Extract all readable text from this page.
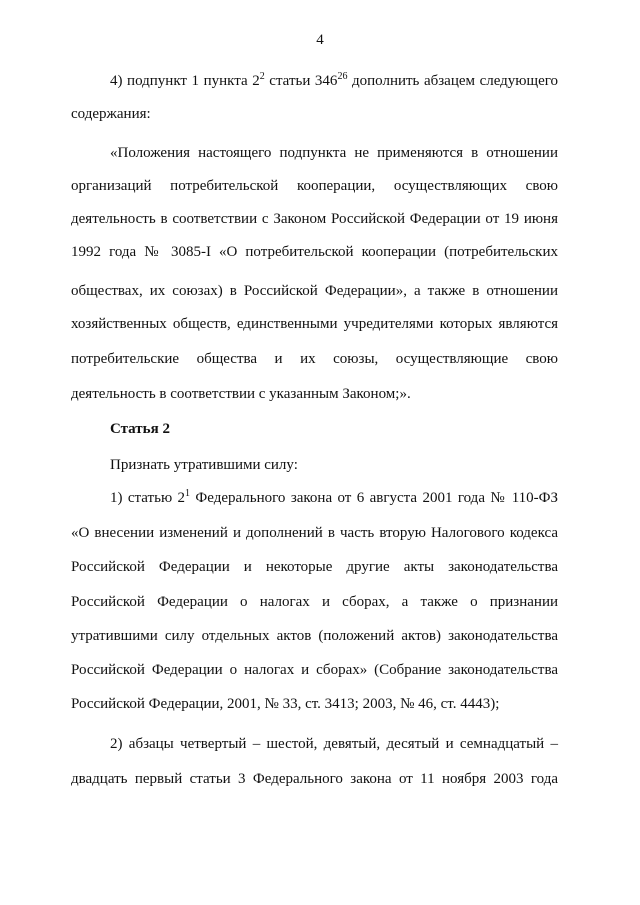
4
4) подпункт 1 пункта $2^2$ статьи $346^{26}$ дополнить абзацем следующего
содержания:
«Положения настоящего подпункта не применяются в отношении
организаций потребительской кооперации, осуществляющих свою
деятельность в соответствии с Законом Российской Федерации от 19 июня
1992 года № 3085-I «О потребительской кооперации (потребительских
обществах, их союзах) в Российской Федерации», а также в отношении
хозяйственных обществ, единственными учредителями которых являются
потребительские общества и их союзы, осуществляющие свою
деятельность в соответствии с указанным Законом;».
Статья 2
Признать утратившими силу:
1) статью $2^1$ Федерального закона от 6 августа 2001 года № 110-ФЗ
«О внесении изменений и дополнений в часть вторую Налогового кодекса
Российской Федерации и некоторые другие акты законодательства
Российской Федерации о налогах и сборах, а также о признании
утратившими силу отдельных актов (положений актов) законодательства
Российской Федерации о налогах и сборах» (Собрание законодательства
Российской Федерации, 2001, № 33, ст. 3413; 2003, № 46, ст. 4443);
2) абзацы четвертый – шестой, девятый, десятый и семнадцатый –
двадцать первый статьи 3 Федерального закона от 11 ноября 2003 года
